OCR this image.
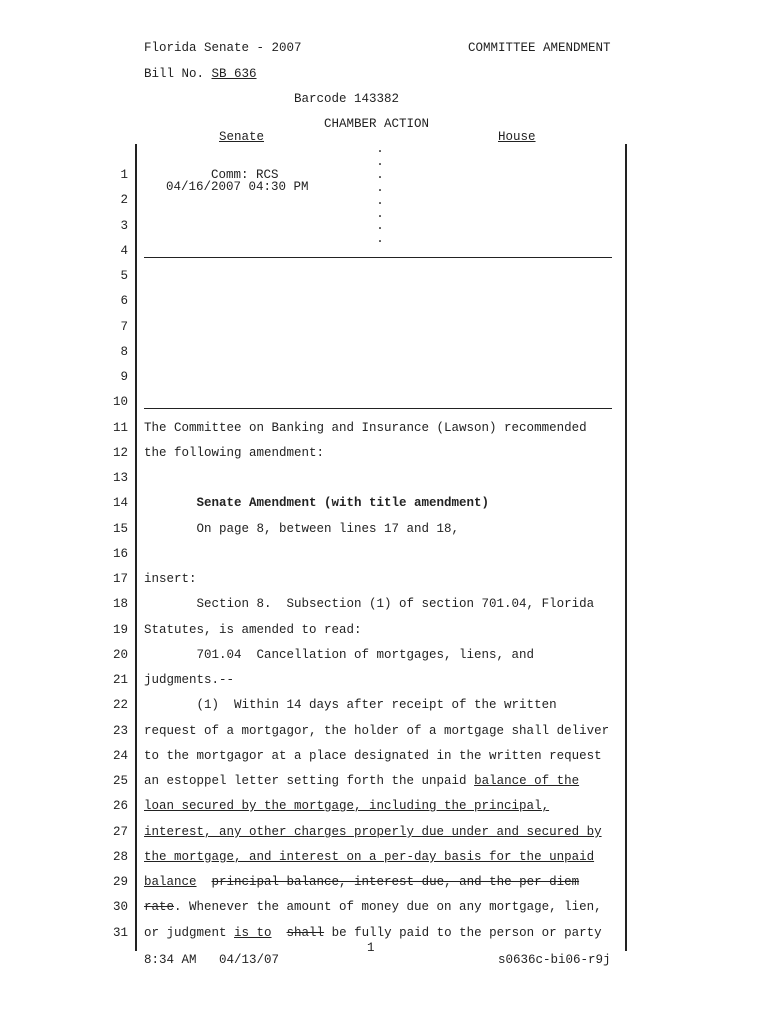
Florida Senate - 2007	COMMITTEE AMENDMENT
Bill No. SB 636
Barcode 143382
CHAMBER ACTION
Senate	House
Comm: RCS
04/16/2007 04:30 PM
.
.
.
.
.
.
.
.
1
2
3
4
5
6
7
8
9
10
11 The Committee on Banking and Insurance (Lawson) recommended
12 the following amendment:
13
14	Senate Amendment (with title amendment)
15 On page 8, between lines 17 and 18,
16
17 insert:
18 Section 8.  Subsection (1) of section 701.04, Florida
19 Statutes, is amended to read:
20 701.04  Cancellation of mortgages, liens, and
21 judgments.--
22 (1)  Within 14 days after receipt of the written
23 request of a mortgagor, the holder of a mortgage shall deliver
24 to the mortgagor at a place designated in the written request
25 an estoppel letter setting forth the unpaid balance of the
26 loan secured by the mortgage, including the principal,
27 interest, any other charges properly due under and secured by
28 the mortgage, and interest on a per-day basis for the unpaid
29 balance principal balance, interest due, and the per diem
30 rate. Whenever the amount of money due on any mortgage, lien,
31 or judgment is to shall be fully paid to the person or party
1
8:34 AM 04/13/07	s0636c-bi06-r9j
